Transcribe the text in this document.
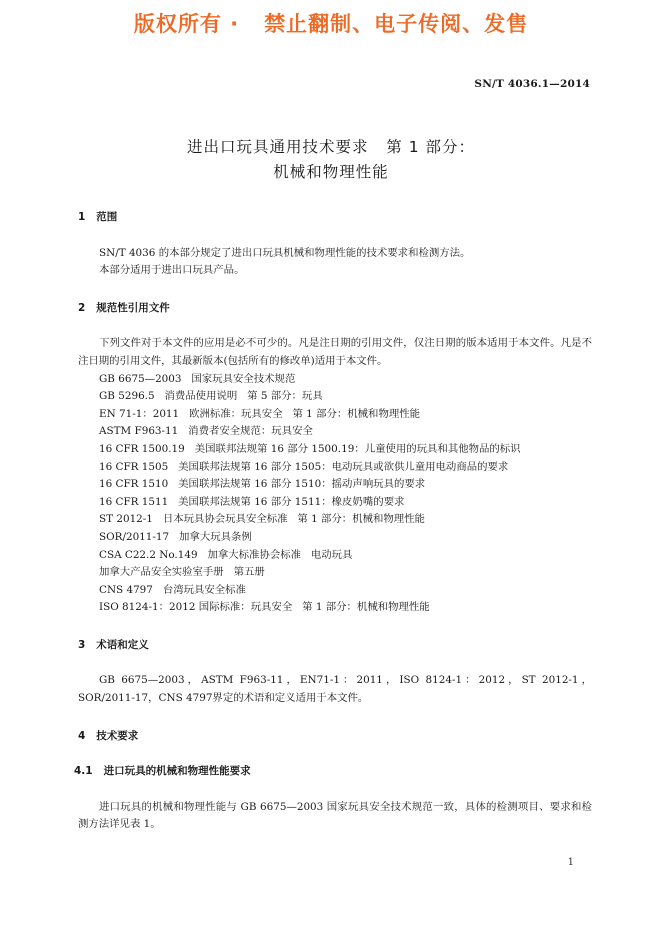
版权所有 ·   禁止翻制、电子传阅、发售
SN/T 4036.1—2014
进出口玩具通用技术要求   第 1 部分：
机械和物理性能
1   范围

SN/T 4036 的本部分规定了进出口玩具机械和物理性能的技术要求和检测方法。

本部分适用于进出口玩具产品。

2   规范性引用文件

下列文件对于本文件的应用是必不可少的。凡是注日期的引用文件，仅注日期的版本适用于本文件。凡是不注日期的引用文件，其最新版本(包括所有的修改单)适用于本文件。

GB 6675—2003   国家玩具安全技术规范

GB 5296.5   消费品使用说明   第 5 部分：玩具

EN 71-1：2011   欧洲标准：玩具安全   第 1 部分：机械和物理性能

ASTM F963-11   消费者安全规范：玩具安全

16 CFR 1500.19   美国联邦法规第 16 部分 1500.19：儿童使用的玩具和其他物品的标识

16 CFR 1505   美国联邦法规第 16 部分 1505：电动玩具或欲供儿童用电动商品的要求

16 CFR 1510   美国联邦法规第 16 部分 1510：摇动声响玩具的要求

16 CFR 1511   美国联邦法规第 16 部分 1511：橡皮奶嘴的要求

ST 2012-1   日本玩具协会玩具安全标准   第 1 部分：机械和物理性能

SOR/2011-17   加拿大玩具条例

CSA C22.2 No.149   加拿大标准协会标准   电动玩具

加拿大产品安全实验室手册   第五册

CNS 4797   台湾玩具安全标准

ISO 8124-1：2012 国际标准：玩具安全   第 1 部分：机械和物理性能

3   术语和定义

GB 6675—2003，ASTM F963-11，EN71-1：2011，ISO 8124-1：2012，ST 2012-1，SOR/2011-17，CNS 4797界定的术语和定义适用于本文件。

4   技术要求
4.1   进口玩具的机械和物理性能要求

进口玩具的机械和物理性能与 GB 6675—2003 国家玩具安全技术规范一致，具体的检测项目、要求和检测方法详见表 1。

1
